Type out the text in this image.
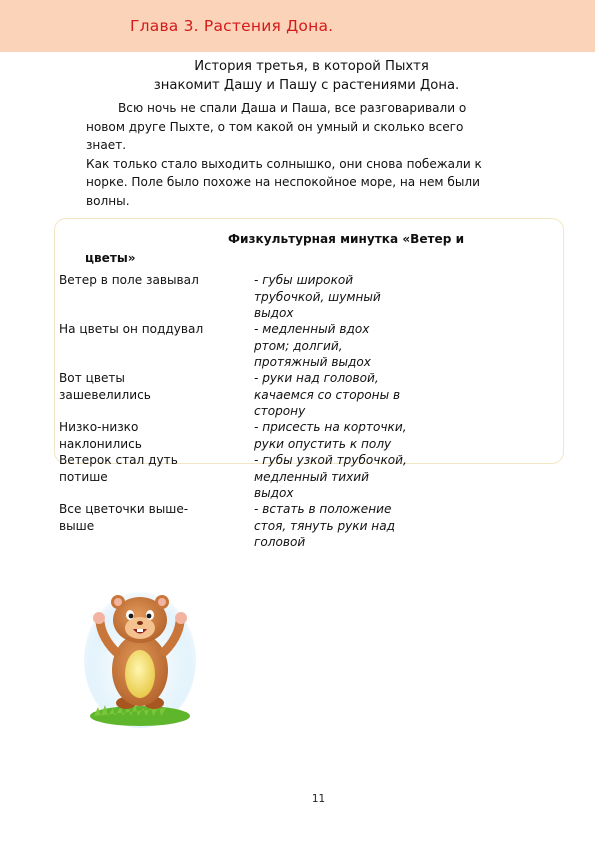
Глава 3. Растения Дона.
История третья, в которой Пыхтя
знакомит Дашу и Пашу с растениями Дона.

Всю ночь не спали Даша и Паша, все разговаривали о

новом друге Пыхте, о том какой он умный и сколько всего

знает.

Как только стало выходить солнышко, они снова побежали к

норке. Поле было похоже на неспокойное море, на нем были

волны.

Физкультурная минутка «Ветер и
цветы»
Ветер в поле завывал	- губы широкой
трубочкой, шумный
выдох
На цветы он поддувал	- медленный вдох
ртом; долгий,
протяжный выдох
Вот цветы
зашевелились
- руки над головой,
качаемся со стороны в
сторону
Низко-низко
наклонились
- присесть на корточки,
руки опустить к полу
Ветерок стал дуть
потише
- губы узкой трубочкой,
медленный тихий
выдох
Все цветочки выше-
выше
- встать в положение
стоя, тянуть руки над
головой
11
